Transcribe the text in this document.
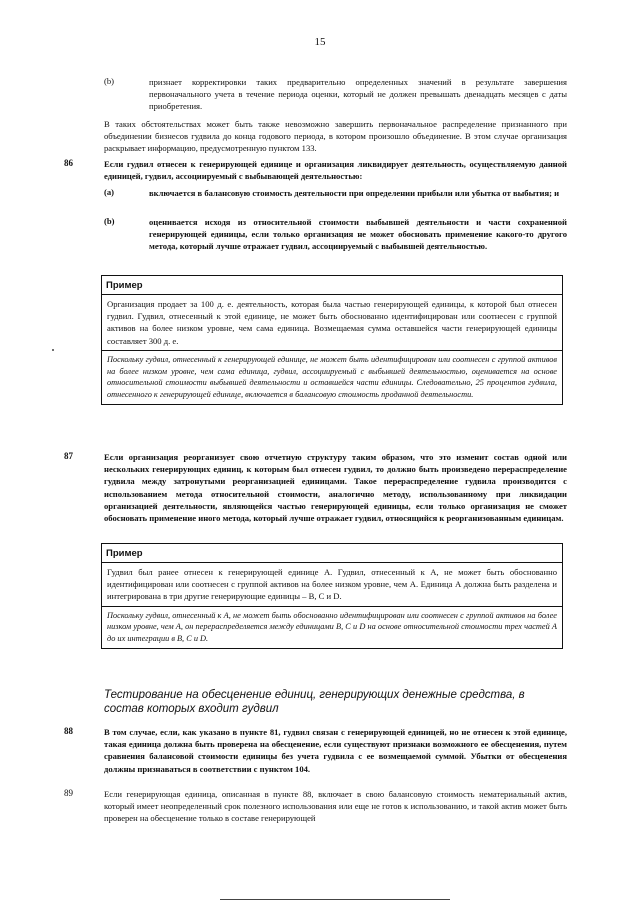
15
(b)	признает корректировки таких предварительно определенных значений в результате завершения первоначального учета в течение периода оценки, который не должен превышать двенадцать месяцев с даты приобретения.
В таких обстоятельствах может быть также невозможно завершить первоначальное распределение признанного при объединении бизнесов гудвила до конца годового периода, в котором произошло объединение. В этом случае организация раскрывает информацию, предусмотренную пунктом 133.
86	Если гудвил отнесен к генерирующей единице и организация ликвидирует деятельность, осуществляемую данной единицей, гудвил, ассоциируемый с выбывающей деятельностью:
(a)	включается в балансовую стоимость деятельности при определении прибыли или убытка от выбытия; и
(b)	оценивается исходя из относительной стоимости выбывшей деятельности и части сохраненной генерирующей единицы, если только организация не может обосновать применение какого-то другого метода, который лучше отражает гудвил, ассоциируемый с выбывшей деятельностью.
Пример
Организация продает за 100 д. е. деятельность, которая была частью генерирующей единицы, к которой был отнесен гудвил. Гудвил, отнесенный к этой единице, не может быть обоснованно идентифицирован или соотнесен с группой активов на более низком уровне, чем сама единица. Возмещаемая сумма оставшейся части генерирующей единицы составляет 300 д. е.
Поскольку гудвил, отнесенный к генерирующей единице, не может быть идентифицирован или соотнесен с группой активов на более низком уровне, чем сама единица, гудвил, ассоциируемый с выбывшей деятельностью, оценивается на основе относительной стоимости выбывшей деятельности и оставшейся части единицы. Следовательно, 25 процентов гудвила, отнесенного к генерирующей единице, включается в балансовую стоимость проданной деятельности.
87	Если организация реорганизует свою отчетную структуру таким образом, что это изменит состав одной или нескольких генерирующих единиц, к которым был отнесен гудвил, то должно быть произведено перераспределение гудвила между затронутыми реорганизацией единицами. Такое перераспределение гудвила производится с использованием метода относительной стоимости, аналогично методу, использованному при ликвидации организацией деятельности, являющейся частью генерирующей единицы, если только организация не сможет обосновать применение иного метода, который лучше отражает гудвил, относящийся к реорганизованным единицам.
Пример
Гудвил был ранее отнесен к генерирующей единице А. Гудвил, отнесенный к А, не может быть обоснованно идентифицирован или соотнесен с группой активов на более низком уровне, чем А. Единица А должна быть разделена и интегрирована в три другие генерирующие единицы – В, С и D.
Поскольку гудвил, отнесенный к А, не может быть обоснованно идентифицирован или соотнесен с группой активов на более низком уровне, чем А, он перераспределяется между единицами В, С и D на основе относительной стоимости трех частей А до их интеграции в В, С и D.
Тестирование на обесценение единиц, генерирующих денежные средства, в состав которых входит гудвил
88	В том случае, если, как указано в пункте 81, гудвил связан с генерирующей единицей, но не отнесен к этой единице, такая единица должна быть проверена на обесценение, если существуют признаки возможного ее обесценения, путем сравнения балансовой стоимости единицы без учета гудвила с ее возмещаемой суммой. Убытки от обесценения должны признаваться в соответствии с пунктом 104.
89	Если генерирующая единица, описанная в пункте 88, включает в свою балансовую стоимость нематериальный актив, который имеет неопределенный срок полезного использования или еще не готов к использованию, и такой актив может быть проверен на обесценение только в составе генерирующей
